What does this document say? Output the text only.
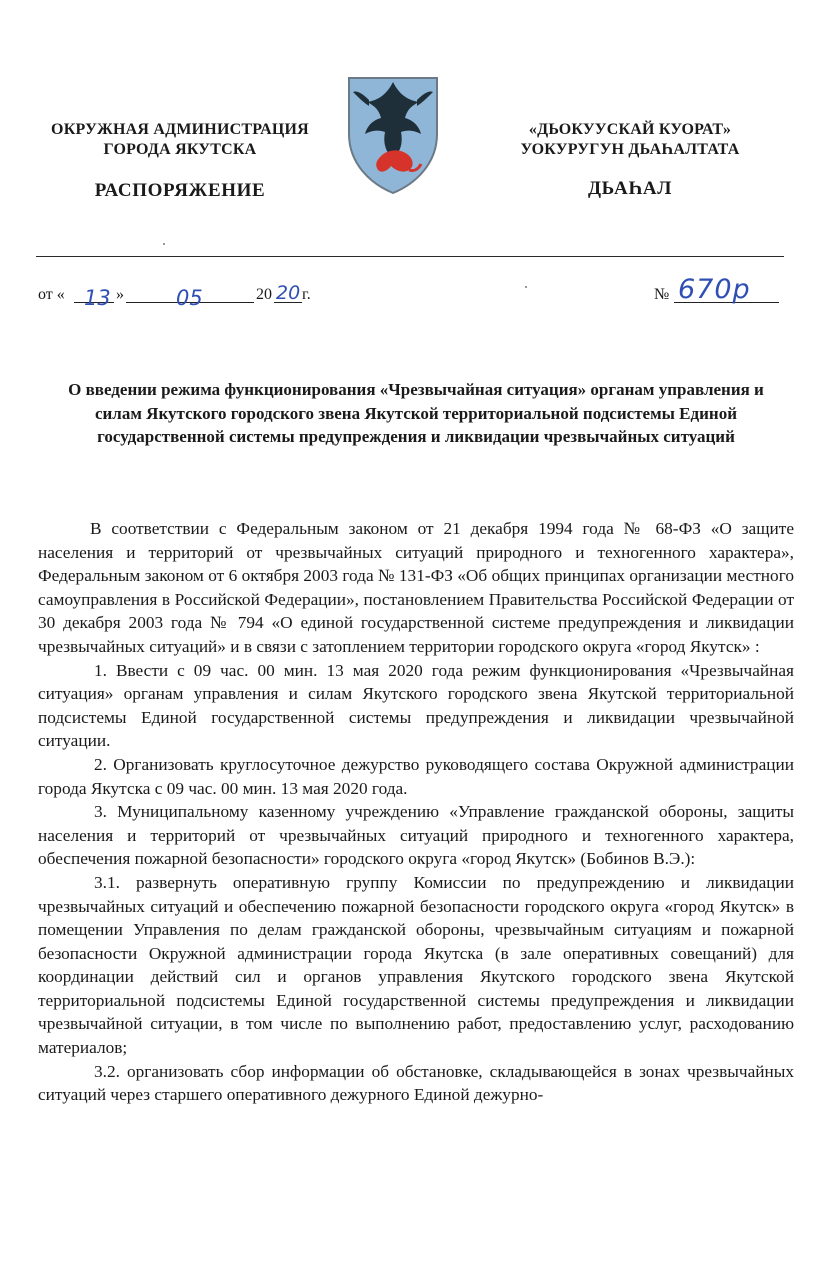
ОКРУЖНАЯ АДМИНИСТРАЦИЯ
ГОРОДА ЯКУТСКА
РАСПОРЯЖЕНИЕ
«ДЬОКУУСКАЙ КУОРАТ»
УОКУРУГУН ДЬАҺАЛТАТА
ДЬАҺАЛ
от « 13 » 05	20 20 г.	№ 670р
О введении режима функционирования «Чрезвычайная ситуация» органам управления и силам Якутского городского звена Якутской территориальной подсистемы Единой государственной системы предупреждения и ликвидации чрезвычайных ситуаций

В соответствии с Федеральным законом от 21 декабря 1994 года № 68-ФЗ «О защите населения и территорий от чрезвычайных ситуаций природного и техногенного характера», Федеральным законом от 6 октября 2003 года № 131-ФЗ «Об общих принципах организации местного самоуправления в Российской Федерации», постановлением Правительства Российской Федерации от 30 декабря 2003 года № 794 «О единой государственной системе предупреждения и ликвидации чрезвычайных ситуаций» и в связи с затоплением территории городского округа «город Якутск» :

1. Ввести с 09 час. 00 мин. 13 мая 2020 года режим функционирования «Чрезвычайная ситуация» органам управления и силам Якутского городского звена Якутской территориальной подсистемы Единой государственной системы предупреждения и ликвидации чрезвычайной ситуации.

2. Организовать круглосуточное дежурство руководящего состава Окружной администрации города Якутска с 09 час. 00 мин. 13 мая 2020 года.

3. Муниципальному казенному учреждению «Управление гражданской обороны, защиты населения и территорий от чрезвычайных ситуаций природного и техногенного характера, обеспечения пожарной безопасности» городского округа «город Якутск» (Бобинов В.Э.):

3.1. развернуть оперативную группу Комиссии по предупреждению и ликвидации чрезвычайных ситуаций и обеспечению пожарной безопасности городского округа «город Якутск» в помещении Управления по делам гражданской обороны, чрезвычайным ситуациям и пожарной безопасности Окружной администрации города Якутска (в зале оперативных совещаний) для координации действий сил и органов управления Якутского городского звена Якутской территориальной подсистемы Единой государственной системы предупреждения и ликвидации чрезвычайной ситуации, в том числе по выполнению работ, предоставлению услуг, расходованию материалов;

3.2. организовать сбор информации об обстановке, складывающейся в зонах чрезвычайных ситуаций через старшего оперативного дежурного Единой дежурно-
